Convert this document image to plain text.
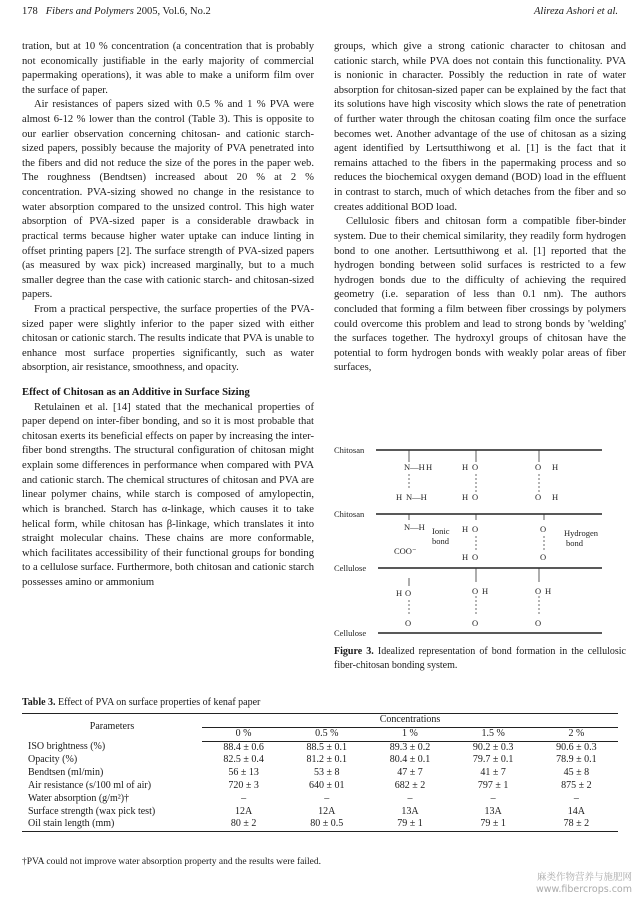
178 Fibers and Polymers 2005, Vol.6, No.2	Alireza Ashori et al.

tration, but at 10 % concentration (a concentration that is probably not economically justifiable in the early majority of commercial papermaking operations), it was able to make a uniform film over the surface of paper.

Air resistances of papers sized with 0.5 % and 1 % PVA were almost 6-12 % lower than the control (Table 3). This is opposite to our earlier observation concerning chitosan- and cationic starch-sized papers, possibly because the majority of PVA penetrated into the fibers and did not reduce the size of the pores in the paper web. The roughness (Bendtsen) increased about 20 % at 2 % concentration. PVA-sizing showed no change in the resistance to water absorption compared to the unsized control. This high water absorption of PVA-sized paper is a considerable drawback in practical terms because higher water uptake can induce linting in offset printing papers [2]. The surface strength of PVA-sized papers (as measured by wax pick) increased marginally, but to a much smaller degree than the case with cationic starch- and chitosan-sized papers.

From a practical perspective, the surface properties of the PVA-sized paper were slightly inferior to the paper sized with either chitosan or cationic starch. The results indicate that PVA is unable to enhance most surface properties significantly, such as water absorption, air resistance, smoothness, and opacity.

Effect of Chitosan as an Additive in Surface Sizing

Retulainen et al. [14] stated that the mechanical properties of paper depend on inter-fiber bonding, and so it is most probable that chitosan exerts its beneficial effects on paper by increasing the inter-fiber bond strengths. The structural configuration of chitosan might explain some differences in performance when compared with PVA and cationic starch. The chemical structures of chitosan and PVA are linear polymer chains, while starch is composed of amylopectin, which is branched. Starch has α-linkage, which causes it to take helical form, while chitosan has β-linkage, which translates it into straight molecular chains. These chains are more conformable, which facilitates accessibility of their functional groups for bonding to a cellulose surface. Furthermore, both chitosan and cationic starch possesses amino or ammonium

groups, which give a strong cationic character to chitosan and cationic starch, while PVA does not contain this functionality. PVA is nonionic in character. Possibly the reduction in rate of water absorption for chitosan-sized paper can be explained by the fact that its solutions have high viscosity which slows the rate of penetration of further water through the chitosan coating film once the surface becomes wet. Another advantage of the use of chitosan as a sizing agent identified by Lertsutthiwong et al. [1] is the fact that it remains attached to the fibers in the papermaking process and so reduces the biochemical oxygen demand (BOD) load in the effluent in contrast to starch, much of which detaches from the fiber and so creates additional BOD load.

Cellulosic fibers and chitosan form a compatible fiber-binder system. Due to their chemical similarity, they readily form hydrogen bond to one another. Lertsutthiwong et al. [1] reported that the hydrogen bonding between solid surfaces is restricted to a few hydrogen bonds due to the difficulty of achieving the required geometry (i.e. separation of less than 0.1 nm). The authors concluded that forming a film between fiber crossings by polymers could overcome this problem and lead to strong bonds by 'welding' the surfaces together. The hydroxyl groups of chitosan have the potential to form hydrogen bonds with weakly polar areas of fiber surfaces,

Chitosan
Chitosan
Cellulose
Cellulose
N—H H
H N—H
O
H
H O
O H
O H
N—H Ionic
bond
COO⁻
O
H
H O
O
O
Hydrogen
bond
O
H
O
O H
O
O H
O
Figure 3. Idealized representation of bond formation in the cellulosic fiber-chitosan bonding system.
Table 3. Effect of PVA on surface properties of kenaf paper
Parameters	Concentrations				
	0 %	0.5 %	1 %	1.5 %	2 %
ISO brightness (%)	88.4 ± 0.6	88.5 ± 0.1	89.3 ± 0.2	90.2 ± 0.3	90.6 ± 0.3
Opacity (%)	82.5 ± 0.4	81.2 ± 0.1	80.4 ± 0.1	79.7 ± 0.1	78.9 ± 0.1
Bendtsen (ml/min)	56 ± 13	53 ± 8	47 ± 7	41 ± 7	45 ± 8
Air resistance (s/100 ml of air)	720 ± 3	640 ± 01	682 ± 2	797 ± 1	875 ± 2
Water absorption (g/m²)†	–	–	–	–	–
Surface strength (wax pick test)	12A	12A	13A	13A	14A
Oil stain length (mm)	80 ± 2	80 ± 0.5	79 ± 1	79 ± 1	78 ± 2
†PVA could not improve water absorption property and the results were failed.
麻类作物营养与施肥网
www.fibercrops.com
